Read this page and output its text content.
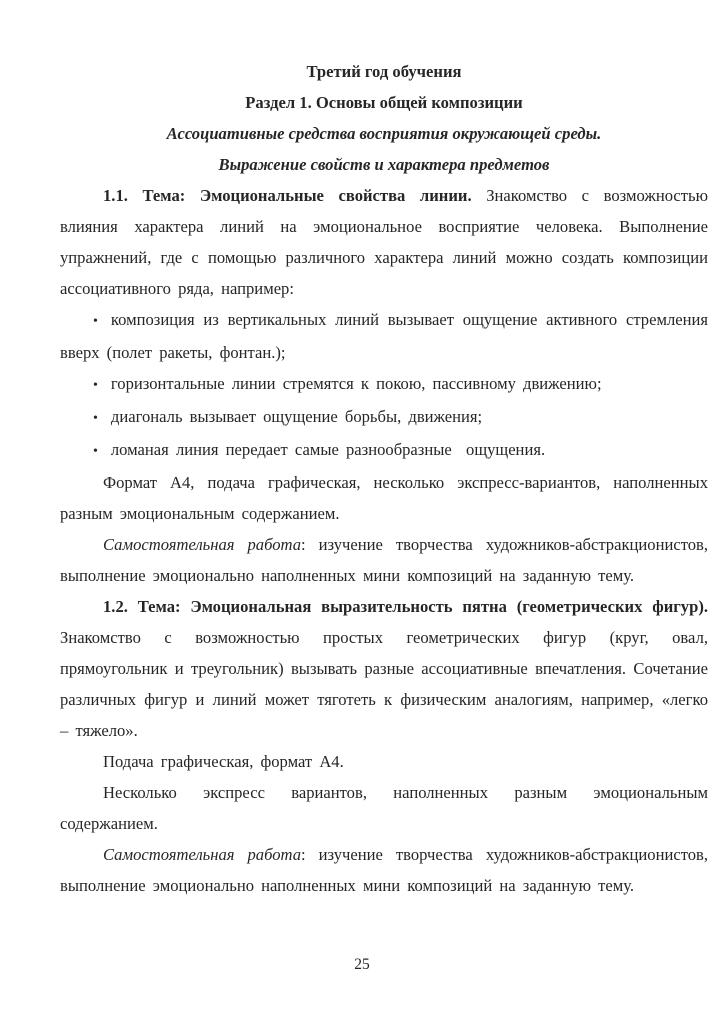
Третий год обучения

Раздел 1. Основы общей композиции

Ассоциативные средства восприятия окружающей среды.

Выражение свойств и характера предметов

1.1. Тема: Эмоциональные свойства линии. Знакомство с возможностью влияния характера линий на эмоциональное восприятие человека. Выполнение упражнений, где с помощью различного характера линий можно создать композиции ассоциативного ряда, например:

• композиция из вертикальных линий вызывает ощущение активного стремления вверх (полет ракеты, фонтан.);

• горизонтальные линии стремятся к покою, пассивному движению;

• диагональ вызывает ощущение борьбы, движения;

• ломаная линия передает самые разнообразные  ощущения.

Формат А4, подача графическая, несколько экспресс-вариантов, наполненных разным эмоциональным содержанием.

Самостоятельная работа: изучение творчества художников-абстракционистов, выполнение эмоционально наполненных мини композиций на заданную тему.

1.2. Тема: Эмоциональная выразительность пятна (геометрических фигур). Знакомство с возможностью простых геометрических фигур (круг, овал, прямоугольник и треугольник) вызывать разные ассоциативные впечатления. Сочетание различных фигур и линий может тяготеть к физическим аналогиям, например, «легко – тяжело».

Подача графическая, формат А4.

Несколько экспресс вариантов, наполненных разным эмоциональным содержанием.

Самостоятельная работа: изучение творчества художников-абстракционистов, выполнение эмоционально наполненных мини композиций на заданную тему.

25
